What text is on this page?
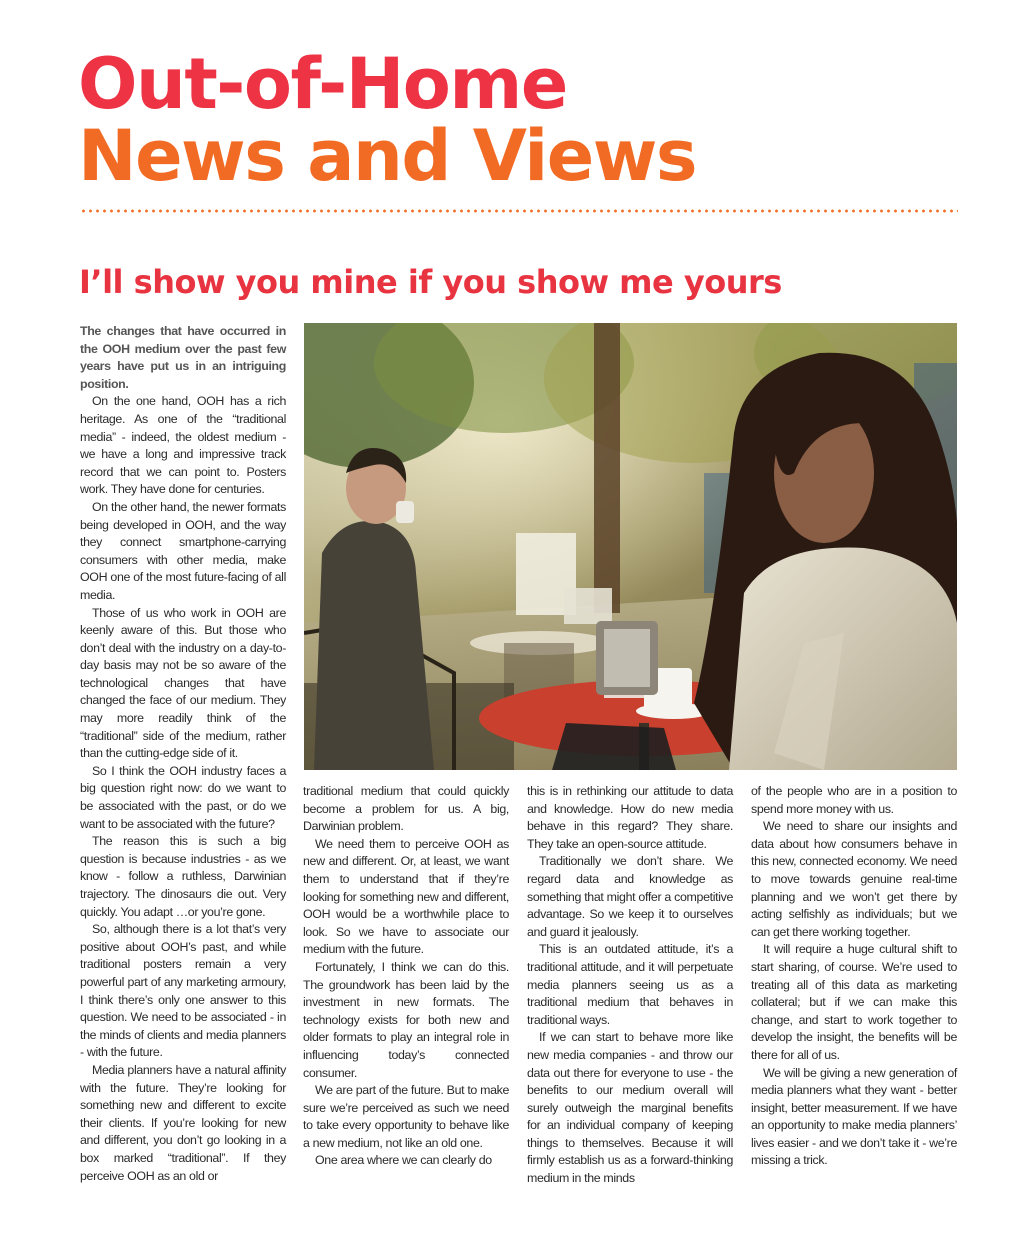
Out-of-Home
News and Views
I’ll show you mine if you show me yours

The changes that have occurred in the OOH medium over the past few years have put us in an intriguing position.

On the one hand, OOH has a rich heritage. As one of the “traditional media” - indeed, the oldest medium - we have a long and impressive track record that we can point to. Posters work. They have done for centuries.

On the other hand, the newer formats being developed in OOH, and the way they connect smartphone-carrying consumers with other media, make OOH one of the most future-facing of all media.

Those of us who work in OOH are keenly aware of this. But those who don’t deal with the industry on a day-to-day basis may not be so aware of the technological changes that have changed the face of our medium. They may more readily think of the “traditional” side of the medium, rather than the cutting-edge side of it.

So I think the OOH industry faces a big question right now: do we want to be associated with the past, or do we want to be associated with the future?

The reason this is such a big question is because industries - as we know - follow a ruthless, Darwinian trajectory. The dinosaurs die out. Very quickly. You adapt …or you’re gone.

So, although there is a lot that’s very positive about OOH’s past, and while traditional posters remain a very powerful part of any marketing armoury, I think there’s only one answer to this question. We need to be associated - in the minds of clients and media planners - with the future.

Media planners have a natural affinity with the future. They’re looking for something new and different to excite their clients. If you’re looking for new and different, you don’t go looking in a box marked “traditional”. If they perceive OOH as an old or

traditional medium that could quickly become a problem for us. A big, Darwinian problem.

We need them to perceive OOH as new and different. Or, at least, we want them to understand that if they’re looking for something new and different, OOH would be a worthwhile place to look. So we have to associate our medium with the future.

Fortunately, I think we can do this. The groundwork has been laid by the investment in new formats. The technology exists for both new and older formats to play an integral role in influencing today’s connected consumer.

We are part of the future. But to make sure we’re perceived as such we need to take every opportunity to behave like a new medium, not like an old one.

One area where we can clearly do

this is in rethinking our attitude to data and knowledge. How do new media behave in this regard? They share. They take an open-source attitude.

Traditionally we don’t share. We regard data and knowledge as something that might offer a competitive advantage. So we keep it to ourselves and guard it jealously.

This is an outdated attitude, it’s a traditional attitude, and it will perpetuate media planners seeing us as a traditional medium that behaves in traditional ways.

If we can start to behave more like new media companies - and throw our data out there for everyone to use - the benefits to our medium overall will surely outweigh the marginal benefits for an individual company of keeping things to themselves. Because it will firmly establish us as a forward-thinking medium in the minds

of the people who are in a position to spend more money with us.

We need to share our insights and data about how consumers behave in this new, connected economy. We need to move towards genuine real-time planning and we won’t get there by acting selfishly as individuals; but we can get there working together.

It will require a huge cultural shift to start sharing, of course. We’re used to treating all of this data as marketing collateral; but if we can make this change, and start to work together to develop the insight, the benefits will be there for all of us.

We will be giving a new generation of media planners what they want - better insight, better measurement. If we have an opportunity to make media planners’ lives easier - and we don’t take it - we’re missing a trick.
